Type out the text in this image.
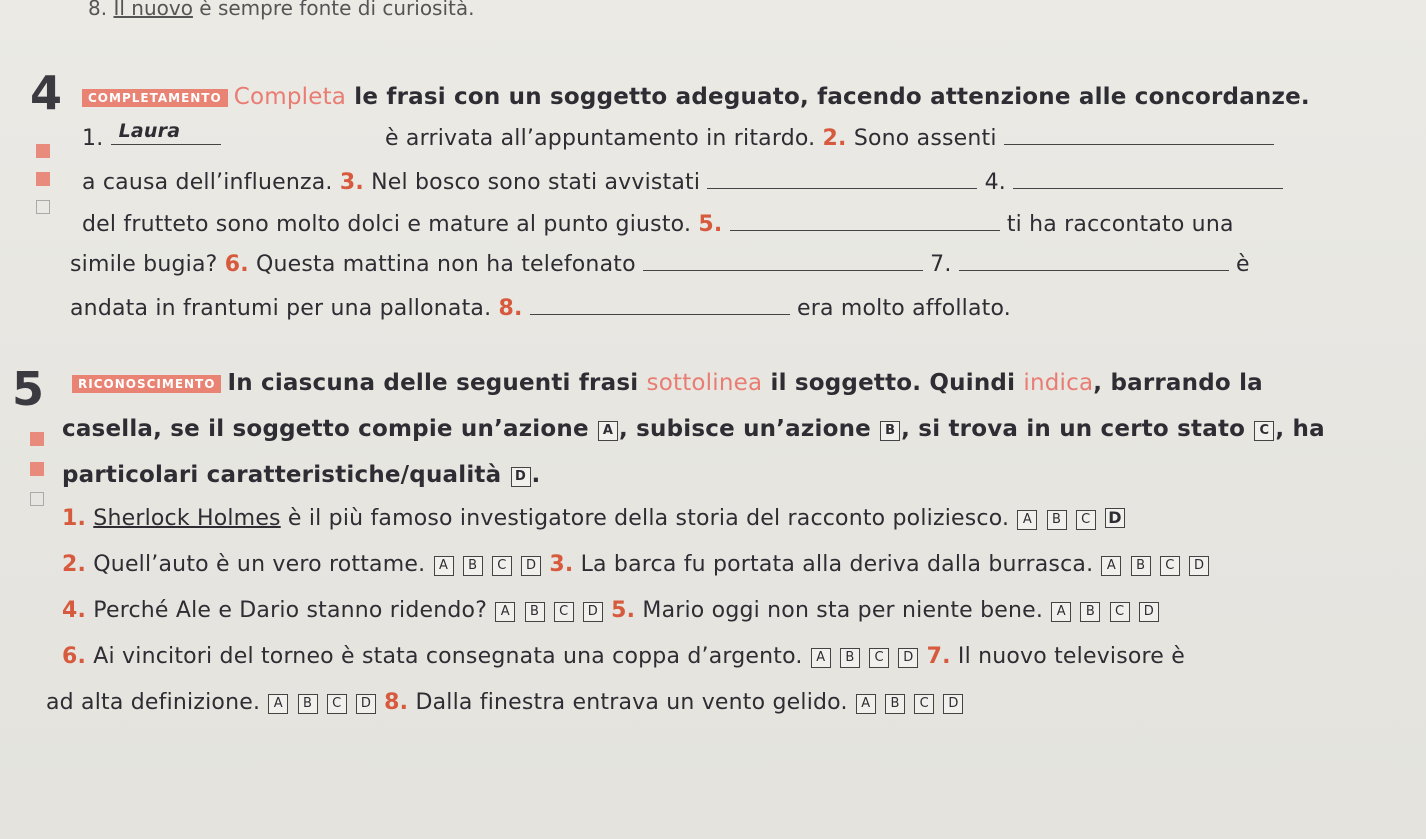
8. Il nuovo è sempre fonte di curiosità.
4	COMPLETAMENTO Completa le frasi con un soggetto adeguato, facendo attenzione alle concordanze.
1. Laura	è arrivata all’appuntamento in ritardo. 2. Sono assenti
a causa dell’influenza. 3. Nel bosco sono stati avvistati	4.
del frutteto sono molto dolci e mature al punto giusto. 5.	ti ha raccontato una
simile bugia? 6. Questa mattina non ha telefonato	7.	è
andata in frantumi per una pallonata. 8.	era molto affollato.
5	RICONOSCIMENTO In ciascuna delle seguenti frasi sottolinea il soggetto. Quindi indica, barrando la
casella, se il soggetto compie un’azione A , subisce un’azione B , si trova in un certo stato C , ha
particolari caratteristiche/qualità D .
1. Sherlock Holmes è il più famoso investigatore della storia del racconto poliziesco. A B C D
2. Quell’auto è un vero rottame. A B C D 3. La barca fu portata alla deriva dalla burrasca. A B C D
4. Perché Ale e Dario stanno ridendo? A B C D 5. Mario oggi non sta per niente bene. A B C D
6. Ai vincitori del torneo è stata consegnata una coppa d’argento. A B C D 7. Il nuovo televisore è
ad alta definizione. A B C D 8. Dalla finestra entrava un vento gelido. A B C D
